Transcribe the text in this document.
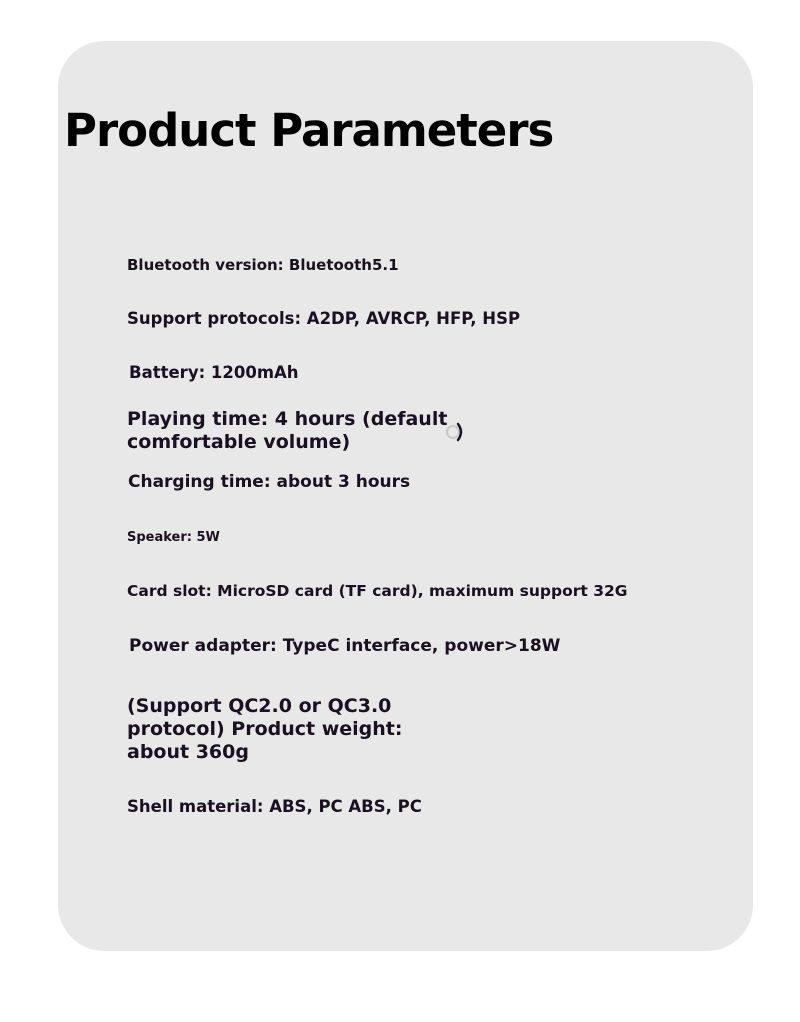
Product Parameters

Bluetooth version: Bluetooth5.1

Support protocols: A2DP, AVRCP, HFP, HSP

Battery: 1200mAh

Playing time: 4 hours (default comfortable volume)

Charging time: about 3 hours

Speaker: 5W

Card slot: MicroSD card (TF card), maximum support 32G

Power adapter: TypeC interface, power>18W

(Support QC2.0 or QC3.0 protocol) Product weight: about 360g

Shell material: ABS, PC ABS, PC
